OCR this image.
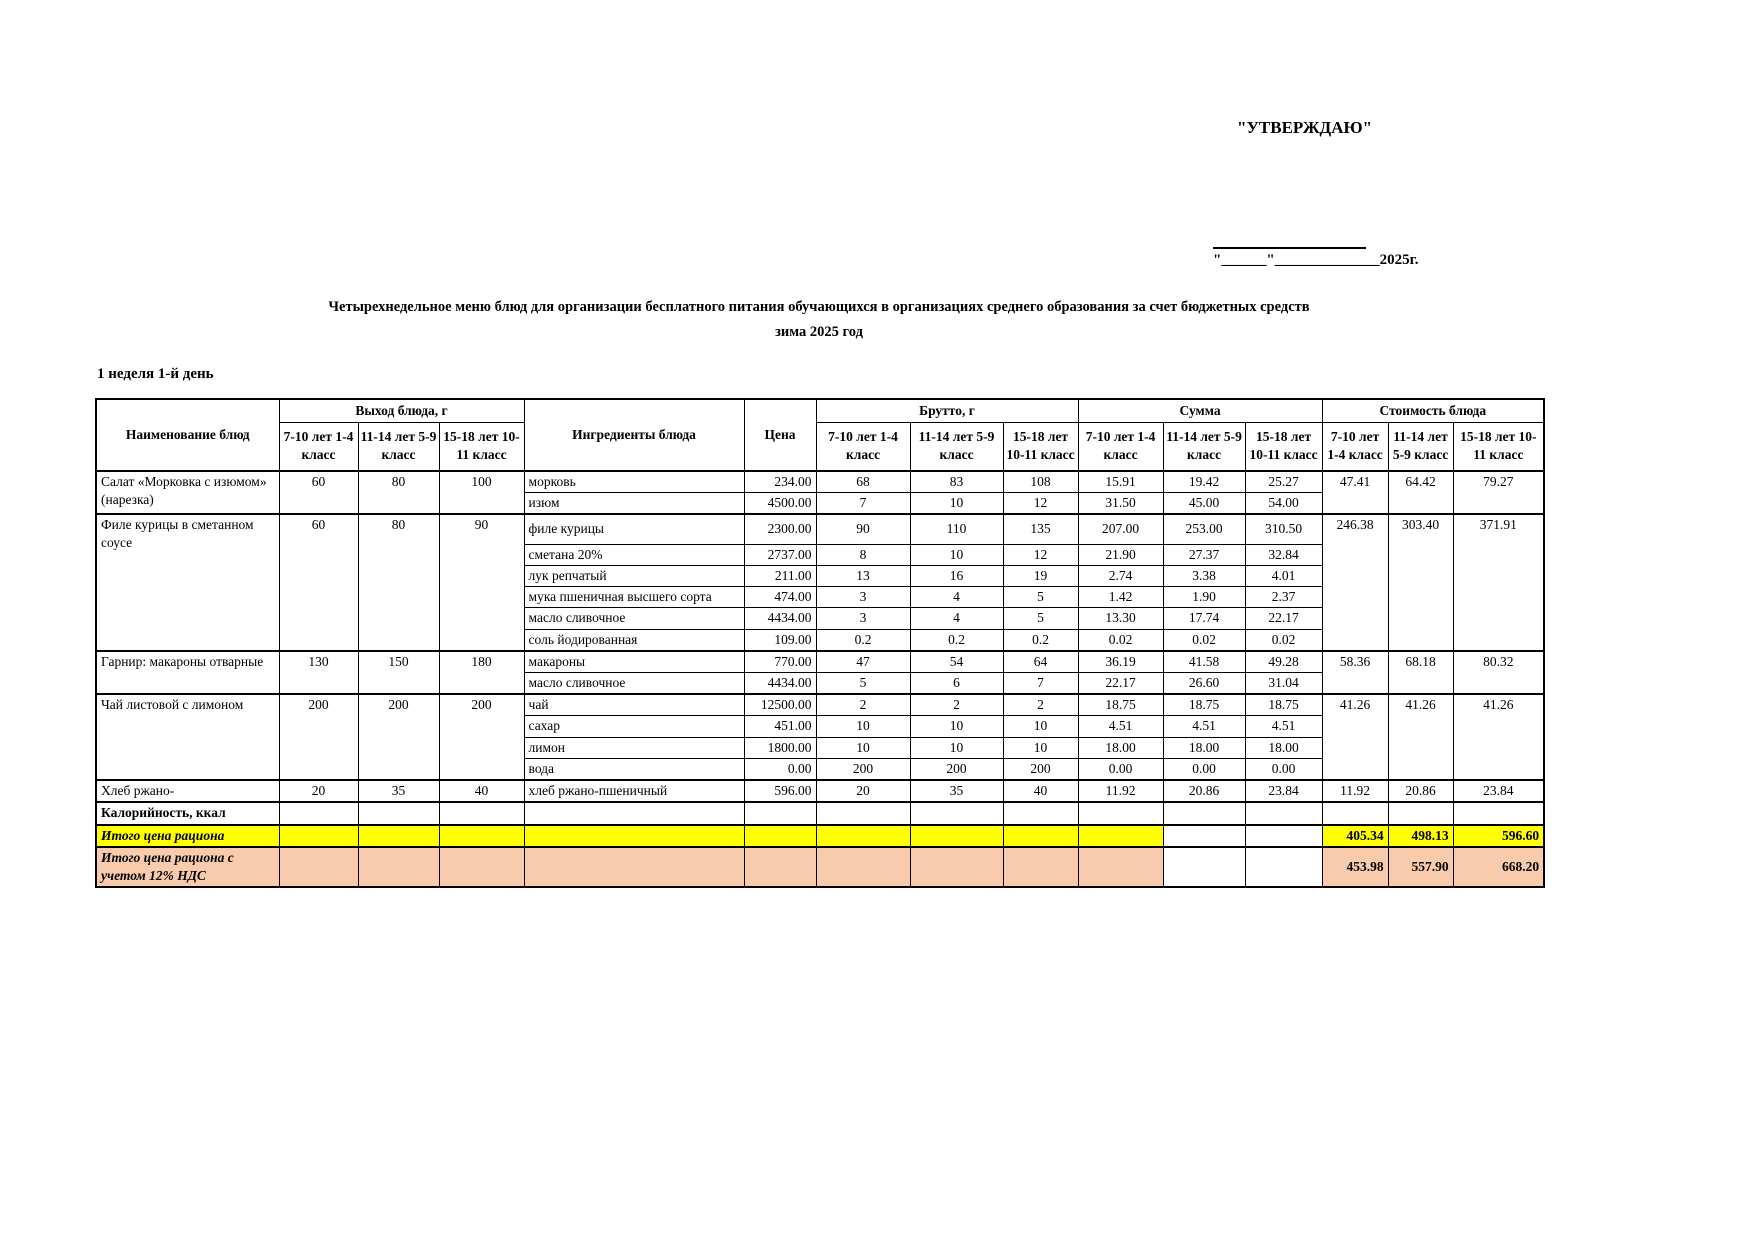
"УТВЕРЖДАЮ"
"______"______________2025г.
Четырехнедельное меню блюд для организации бесплатного питания обучающихся в организациях среднего образования за счет бюджетных средств
зима 2025 год
1 неделя 1-й день
Наименование блюд	Выход блюда, г			Ингредиенты блюда	Цена	Брутто, г			Сумма			Стоимость блюда		
	7-10 лет 1-4 класс	11-14 лет 5-9 класс	15-18 лет 10-11 класс			7-10 лет 1-4 класс	11-14 лет 5-9 класс	15-18 лет 10-11 класс	7-10 лет 1-4 класс	11-14 лет 5-9 класс	15-18 лет 10-11 класс	7-10 лет 1-4 класс	11-14 лет 5-9 класс	15-18 лет 10-11 класс
Салат «Морковка с изюмом» (нарезка)	60	80	100	морковь	234.00	68	83	108	15.91	19.42	25.27	47.41	64.42	79.27
				изюм	4500.00	7	10	12	31.50	45.00	54.00			
Филе курицы в сметанном соусе	60	80	90	филе курицы	2300.00	90	110	135	207.00	253.00	310.50	246.38	303.40	371.91
				сметана 20%	2737.00	8	10	12	21.90	27.37	32.84			
				лук репчатый	211.00	13	16	19	2.74	3.38	4.01			
				мука пшеничная высшего сорта	474.00	3	4	5	1.42	1.90	2.37			
				масло сливочное	4434.00	3	4	5	13.30	17.74	22.17			
				соль йодированная	109.00	0.2	0.2	0.2	0.02	0.02	0.02			
Гарнир: макароны отварные	130	150	180	макароны	770.00	47	54	64	36.19	41.58	49.28	58.36	68.18	80.32
				масло сливочное	4434.00	5	6	7	22.17	26.60	31.04			
Чай листовой с лимоном	200	200	200	чай	12500.00	2	2	2	18.75	18.75	18.75	41.26	41.26	41.26
				сахар	451.00	10	10	10	4.51	4.51	4.51			
				лимон	1800.00	10	10	10	18.00	18.00	18.00			
				вода	0.00	200	200	200	0.00	0.00	0.00			
Хлеб ржано-	20	35	40	хлеб ржано-пшеничный	596.00	20	35	40	11.92	20.86	23.84	11.92	20.86	23.84
Калорийность, ккал														
Итого цена рациона												405.34	498.13	596.60
Итого цена рациона с учетом 12% НДС												453.98	557.90	668.20
